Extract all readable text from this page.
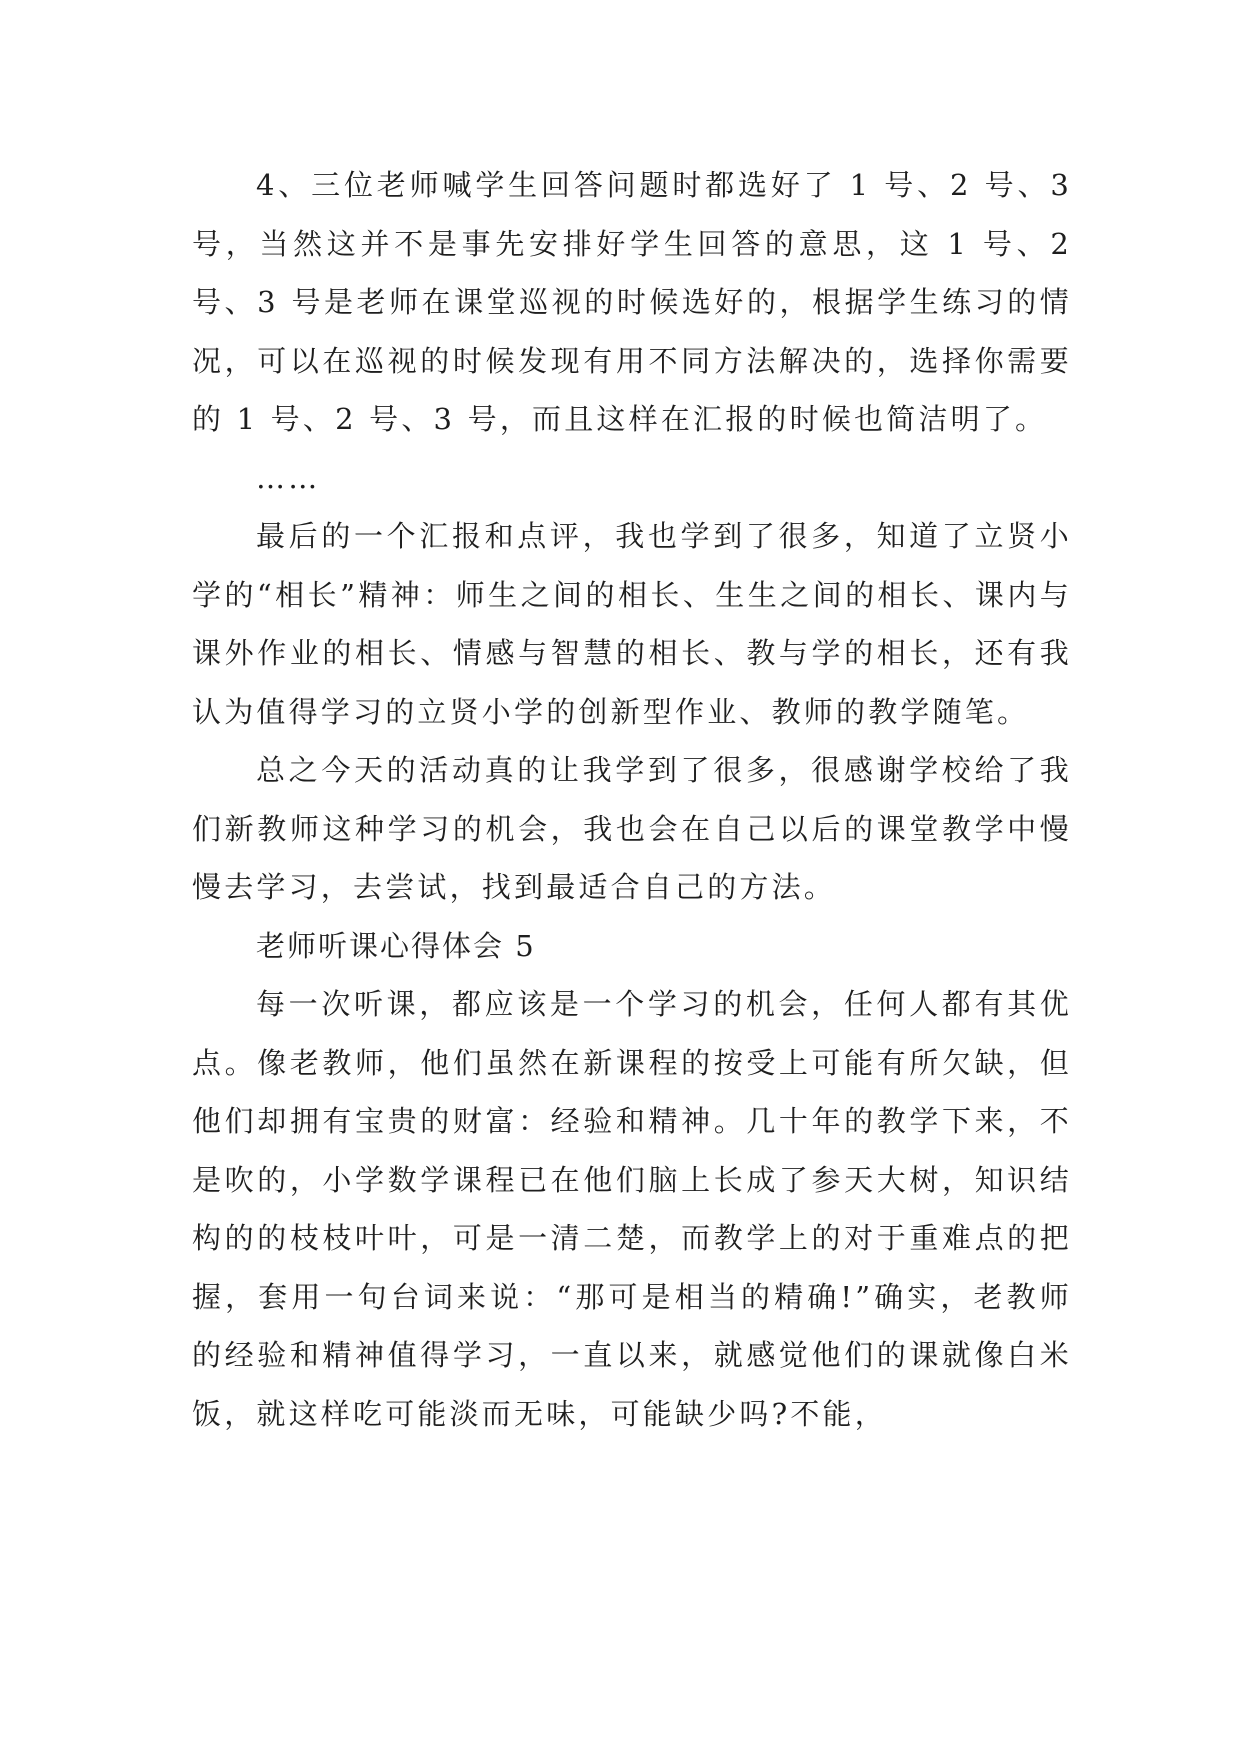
4、三位老师喊学生回答问题时都选好了 1 号、2 号、3 号，当然这并不是事先安排好学生回答的意思，这 1 号、2 号、3 号是老师在课堂巡视的时候选好的，根据学生练习的情况，可以在巡视的时候发现有用不同方法解决的，选择你需要的 1 号、2 号、3 号，而且这样在汇报的时候也简洁明了。

……

最后的一个汇报和点评，我也学到了很多，知道了立贤小学的“相长”精神：师生之间的相长、生生之间的相长、课内与课外作业的相长、情感与智慧的相长、教与学的相长，还有我认为值得学习的立贤小学的创新型作业、教师的教学随笔。

总之今天的活动真的让我学到了很多，很感谢学校给了我们新教师这种学习的机会，我也会在自己以后的课堂教学中慢慢去学习，去尝试，找到最适合自己的方法。

老师听课心得体会 5

每一次听课，都应该是一个学习的机会，任何人都有其优点。像老教师，他们虽然在新课程的按受上可能有所欠缺，但他们却拥有宝贵的财富：经验和精神。几十年的教学下来，不是吹的，小学数学课程已在他们脑上长成了参天大树，知识结构的的枝枝叶叶，可是一清二楚，而教学上的对于重难点的把握，套用一句台词来说：“那可是相当的精确!”确实，老教师的经验和精神值得学习，一直以来，就感觉他们的课就像白米饭，就这样吃可能淡而无味，可能缺少吗?不能，
